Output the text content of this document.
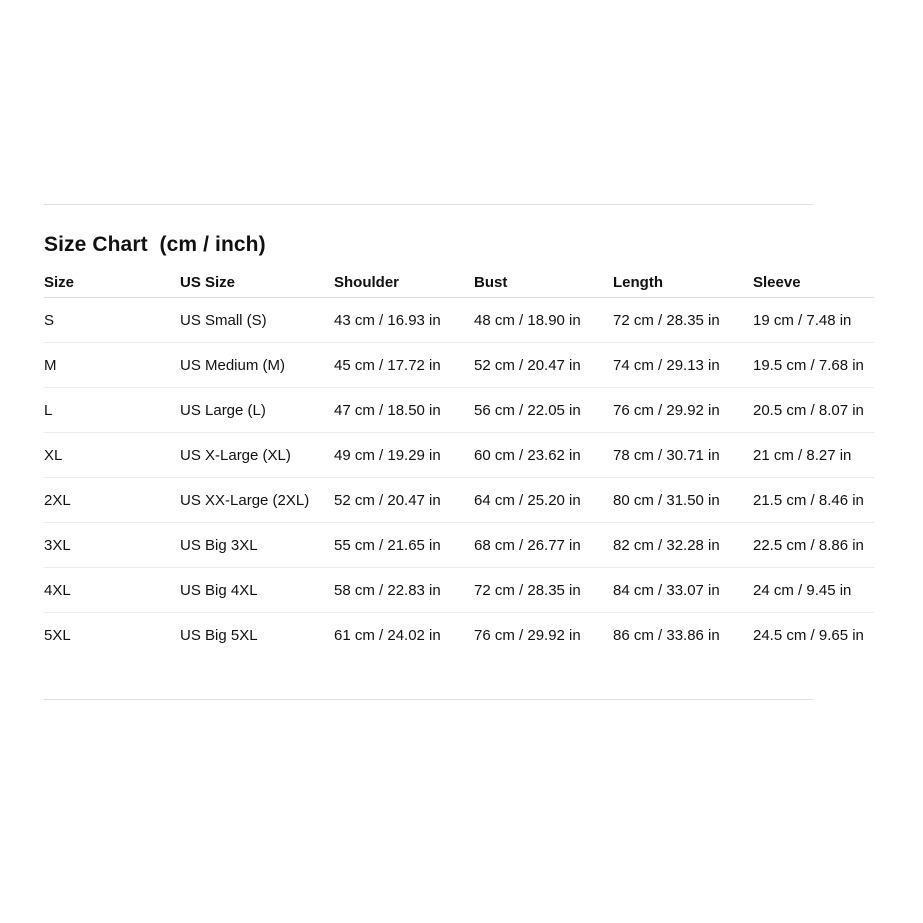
Size Chart  (cm / inch)
Size	US Size	Shoulder	Bust	Length	Sleeve
S	US Small (S)	43 cm / 16.93 in	48 cm / 18.90 in	72 cm / 28.35 in	19 cm / 7.48 in
M	US Medium (M)	45 cm / 17.72 in	52 cm / 20.47 in	74 cm / 29.13 in	19.5 cm / 7.68 in
L	US Large (L)	47 cm / 18.50 in	56 cm / 22.05 in	76 cm / 29.92 in	20.5 cm / 8.07 in
XL	US X-Large (XL)	49 cm / 19.29 in	60 cm / 23.62 in	78 cm / 30.71 in	21 cm / 8.27 in
2XL	US XX-Large (2XL)	52 cm / 20.47 in	64 cm / 25.20 in	80 cm / 31.50 in	21.5 cm / 8.46 in
3XL	US Big 3XL	55 cm / 21.65 in	68 cm / 26.77 in	82 cm / 32.28 in	22.5 cm / 8.86 in
4XL	US Big 4XL	58 cm / 22.83 in	72 cm / 28.35 in	84 cm / 33.07 in	24 cm / 9.45 in
5XL	US Big 5XL	61 cm / 24.02 in	76 cm / 29.92 in	86 cm / 33.86 in	24.5 cm / 9.65 in
